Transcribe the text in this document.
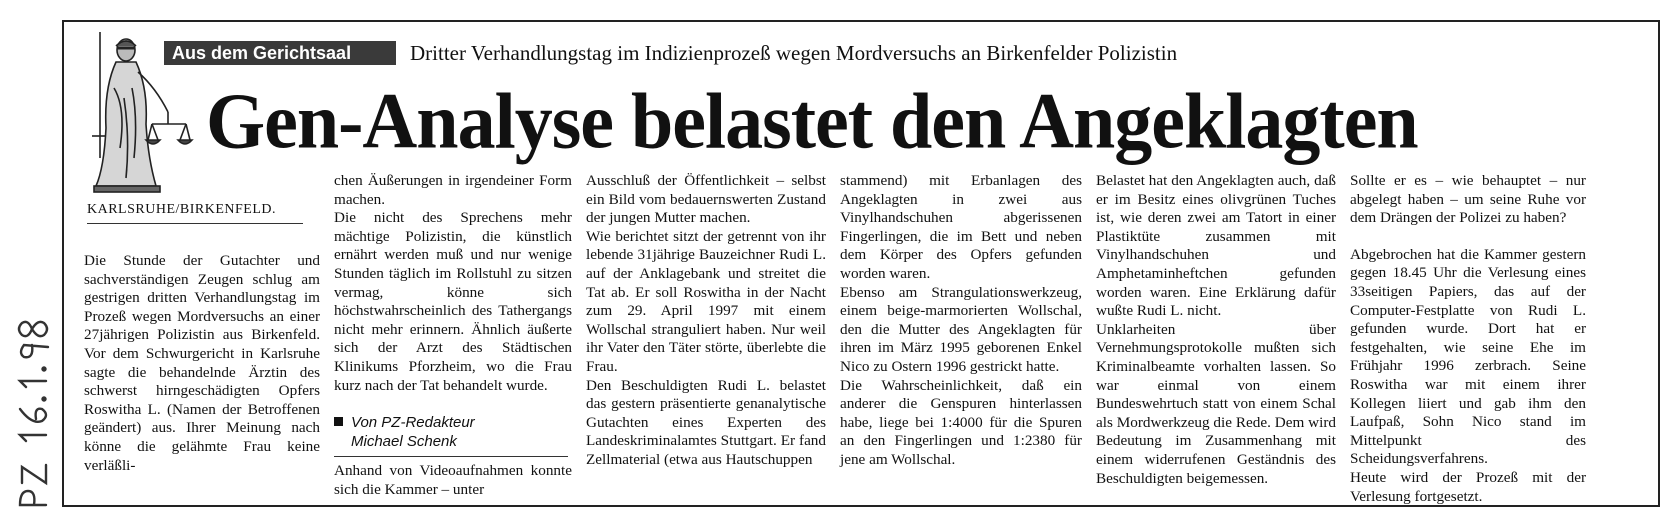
Aus dem Gerichtsaal	Dritter Verhandlungstag im Indizienprozeß wegen Mordversuchs an Birkenfelder Polizistin
Gen-Analyse belastet den Angeklagten
KARLSRUHE/BIRKENFELD.

Die Stunde der Gutachter und sachverständigen Zeugen schlug am gestrigen dritten Verhandlungstag im Prozeß wegen Mordversuchs an einer 27jährigen Polizistin aus Birkenfeld. Vor dem Schwurgericht in Karlsruhe sagte die behandelnde Ärztin des schwerst hirngeschädigten Opfers Roswitha L. (Namen der Betroffenen geändert) aus. Ihrer Meinung nach könne die gelähmte Frau keine verläßli-

chen Äußerungen in irgendeiner Form machen.

Die nicht des Sprechens mehr mächtige Polizistin, die künstlich ernährt werden muß und nur wenige Stunden täglich im Rollstuhl zu sitzen vermag, könne sich höchstwahrscheinlich des Tathergangs nicht mehr erinnern. Ähnlich äußerte sich der Arzt des Städtischen Klinikums Pforzheim, wo die Frau kurz nach der Tat behandelt wurde.

Von PZ-Redakteur
Michael Schenk

Anhand von Videoaufnahmen konnte sich die Kammer – unter

Ausschluß der Öffentlichkeit – selbst ein Bild vom bedauernswerten Zustand der jungen Mutter machen.

Wie berichtet sitzt der getrennt von ihr lebende 31jährige Bauzeichner Rudi L. auf der Anklagebank und streitet die Tat ab. Er soll Roswitha in der Nacht zum 29. April 1997 mit einem Wollschal stranguliert haben. Nur weil ihr Vater den Täter störte, überlebte die Frau.

Den Beschuldigten Rudi L. belastet das gestern präsentierte genanalytische Gutachten eines Experten des Landeskriminalamtes Stuttgart. Er fand Zellmaterial (etwa aus Hautschuppen

stammend) mit Erbanlagen des Angeklagten in zwei aus Vinylhandschuhen abgerissenen Fingerlingen, die im Bett und neben dem Körper des Opfers gefunden worden waren.

Ebenso am Strangulationswerkzeug, einem beige-marmorierten Wollschal, den die Mutter des Angeklagten für ihren im März 1995 geborenen Enkel Nico zu Ostern 1996 gestrickt hatte.

Die Wahrscheinlichkeit, daß ein anderer die Genspuren hinterlassen habe, liege bei 1:4000 für die Spuren an den Fingerlingen und 1:2380 für jene am Wollschal.

Belastet hat den Angeklagten auch, daß er im Besitz eines olivgrünen Tuches ist, wie deren zwei am Tatort in einer Plastiktüte zusammen mit Vinylhandschuhen und Amphetaminheftchen gefunden worden waren. Eine Erklärung dafür wußte Rudi L. nicht.

Unklarheiten über Vernehmungsprotokolle mußten sich Kriminalbeamte vorhalten lassen. So war einmal von einem Bundeswehrtuch statt von einem Schal als Mordwerkzeug die Rede. Dem wird Bedeutung im Zusammenhang mit einem widerrufenen Geständnis des Beschuldigten beigemessen.

Sollte er es – wie behauptet – nur abgelegt haben – um seine Ruhe vor dem Drängen der Polizei zu haben?

Abgebrochen hat die Kammer gestern gegen 18.45 Uhr die Verlesung eines 33seitigen Papiers, das auf der Computer-Festplatte von Rudi L. gefunden wurde. Dort hat er festgehalten, wie seine Ehe im Frühjahr 1996 zerbrach. Seine Roswitha war mit einem ihrer Kollegen liiert und gab ihm den Laufpaß, Sohn Nico stand im Mittelpunkt des Scheidungsverfahrens.

Heute wird der Prozeß mit der Verlesung fortgesetzt.
